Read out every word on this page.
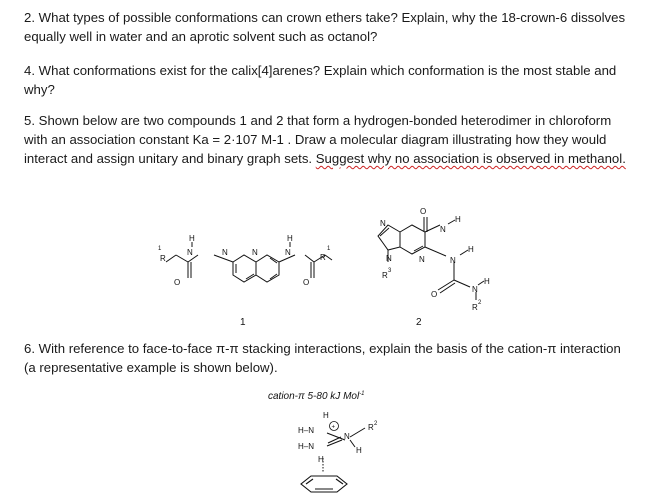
2. What types of possible conformations can crown ethers take? Explain, why the 18-crown-6 dissolves equally well in water and an aprotic solvent such as octanol?

4. What conformations exist for the calix[4]arenes? Explain which conformation is the most stable and why?

5. Shown below are two compounds 1 and 2 that form a hydrogen-bonded heterodimer in chloroform with an association constant Ka = 2·107 M-1 . Draw a molecular diagram illustrating how they would interact and assign unitary and binary graph sets. Suggest why no association is observed in methanol.

6. With reference to face-to-face π-π stacking interactions, explain the basis of the cation-π interaction (a representative example is shown below).

N	N
N
H
O
R
1	N
H
O
R
1
1
N
N
O
N
H
N	N
H
O
N
H
R 2
R 3
2
cation-π 5-80 kJ Mol$^{-1}$
H–N
H–N
H
+
N
H
R 2
H
